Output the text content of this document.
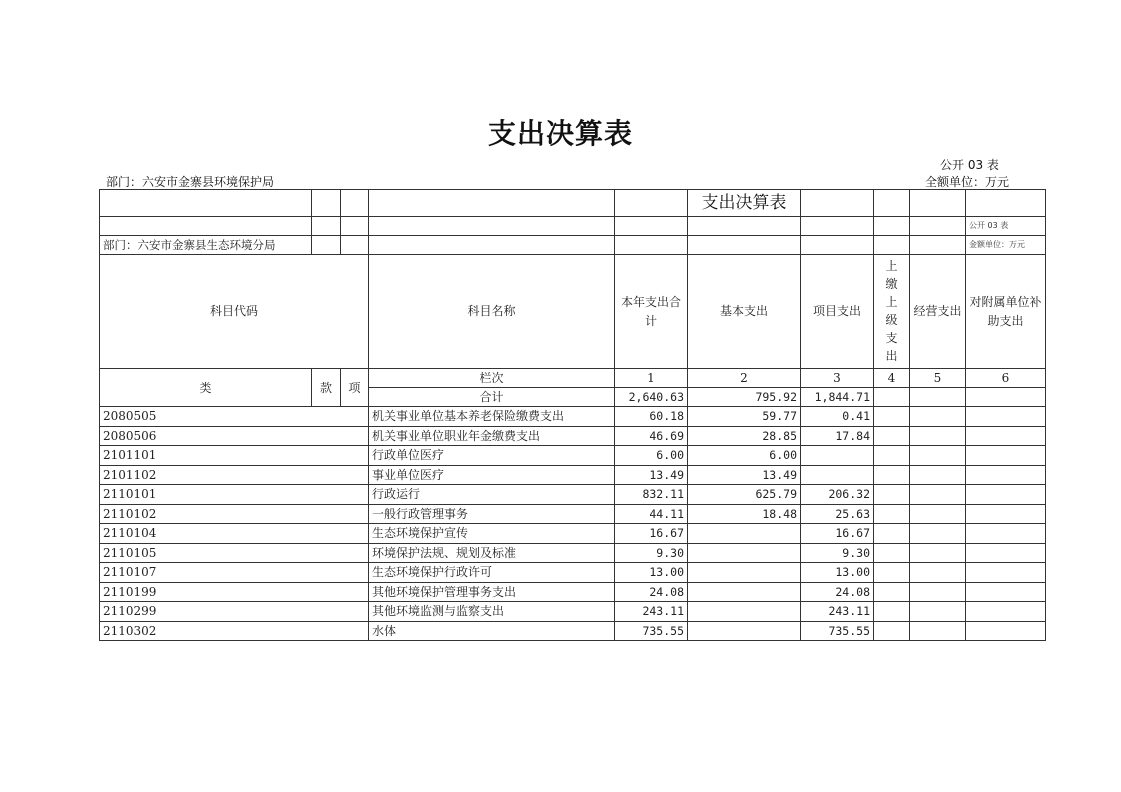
支出决算表
公开 03 表
部门：六安市金寨县环境保护局	全额单位：万元
					支出决算表				
									公开 03 表
部门：六安市金寨县生态环境分局									金额单位：万元
科目代码			科目名称	本年支出合计	基本支出	项目支出	上缴上级支出	经营支出	对附属单位补助支出
类	款	项	栏次	1	2	3	4	5	6
			合计	2,640.63	795.92	1,844.71			
2080505			机关事业单位基本养老保险缴费支出	60.18	59.77	0.41			
2080506			机关事业单位职业年金缴费支出	46.69	28.85	17.84			
2101101			行政单位医疗	6.00	6.00				
2101102			事业单位医疗	13.49	13.49				
2110101			行政运行	832.11	625.79	206.32			
2110102			一般行政管理事务	44.11	18.48	25.63			
2110104			生态环境保护宣传	16.67		16.67			
2110105			环境保护法规、规划及标准	9.30		9.30			
2110107			生态环境保护行政许可	13.00		13.00			
2110199			其他环境保护管理事务支出	24.08		24.08			
2110299			其他环境监测与监察支出	243.11		243.11			
2110302			水体	735.55		735.55			
